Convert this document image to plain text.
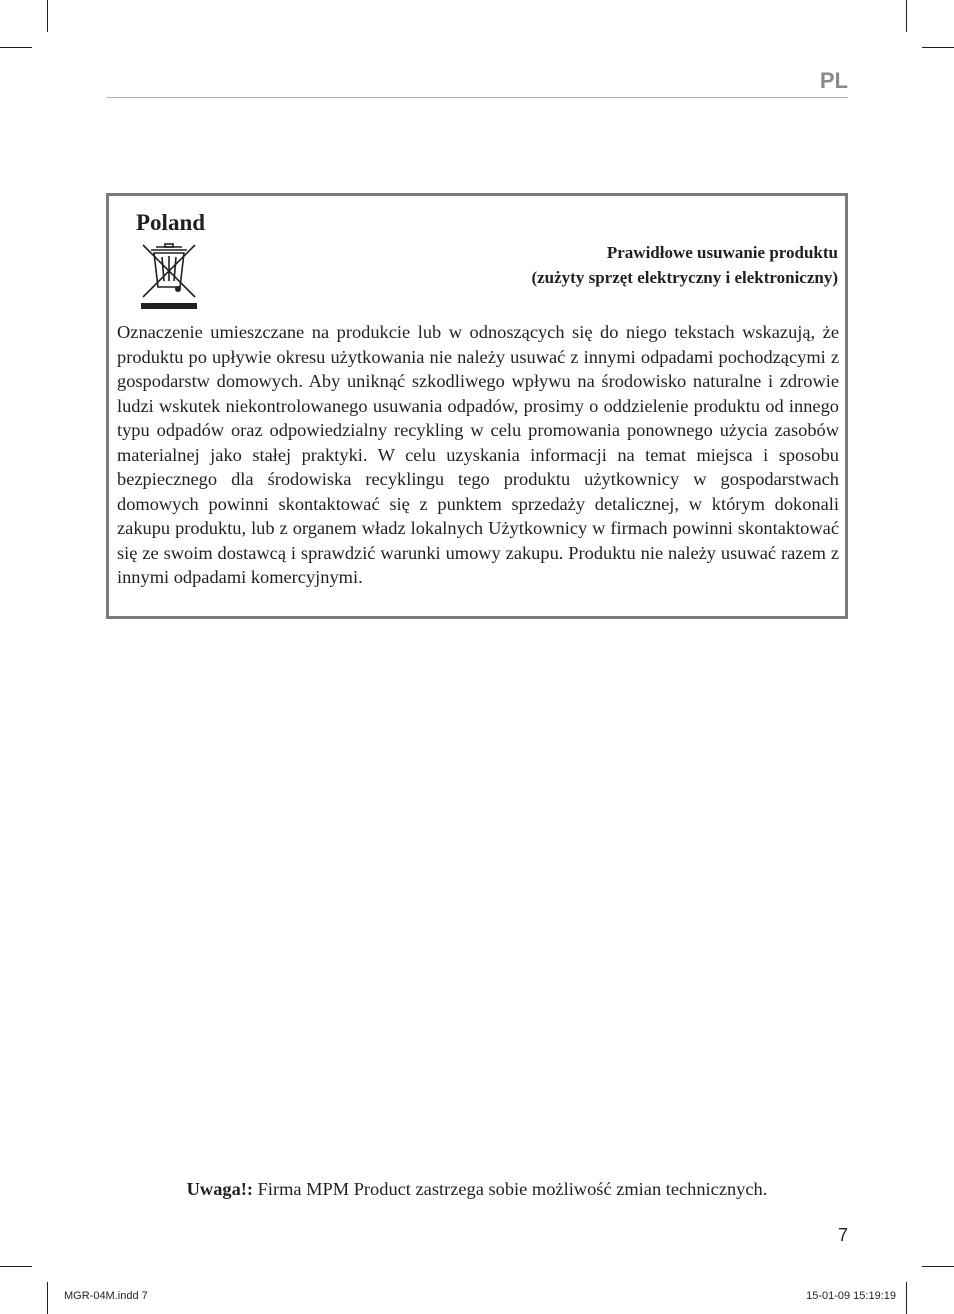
PL
Poland
Prawidłowe usuwanie produktu
(zużyty sprzęt elektryczny i elektroniczny)

Oznaczenie umieszczane na produkcie lub w odnoszących się do niego tekstach wskazują, że produktu po upływie okresu użytkowania nie należy usuwać z innymi odpadami pochodzącymi z gospodarstw domowych. Aby uniknąć szkodliwego wpływu na środowisko naturalne i zdrowie ludzi wskutek niekontrolowanego usuwania odpadów, prosimy o oddzielenie produktu od innego typu odpadów oraz odpowiedzialny recykling w celu promowania ponownego użycia zasobów materialnej jako stałej praktyki. W celu uzyskania informacji na temat miejsca i sposobu bezpiecznego dla środowiska recyklingu tego produktu użytkownicy w gospodarstwach domowych powinni skontaktować się z punktem sprzedaży detalicznej, w którym dokonali zakupu produktu, lub z organem władz lokalnych Użytkownicy w firmach powinni skontaktować się ze swoim dostawcą i sprawdzić warunki umowy zakupu. Produktu nie należy usuwać razem z innymi odpadami komercyjnymi.

Uwaga!: Firma MPM Product zastrzega sobie możliwość zmian technicznych.
7
MGR-04M.indd 7	15-01-09 15:19:19
